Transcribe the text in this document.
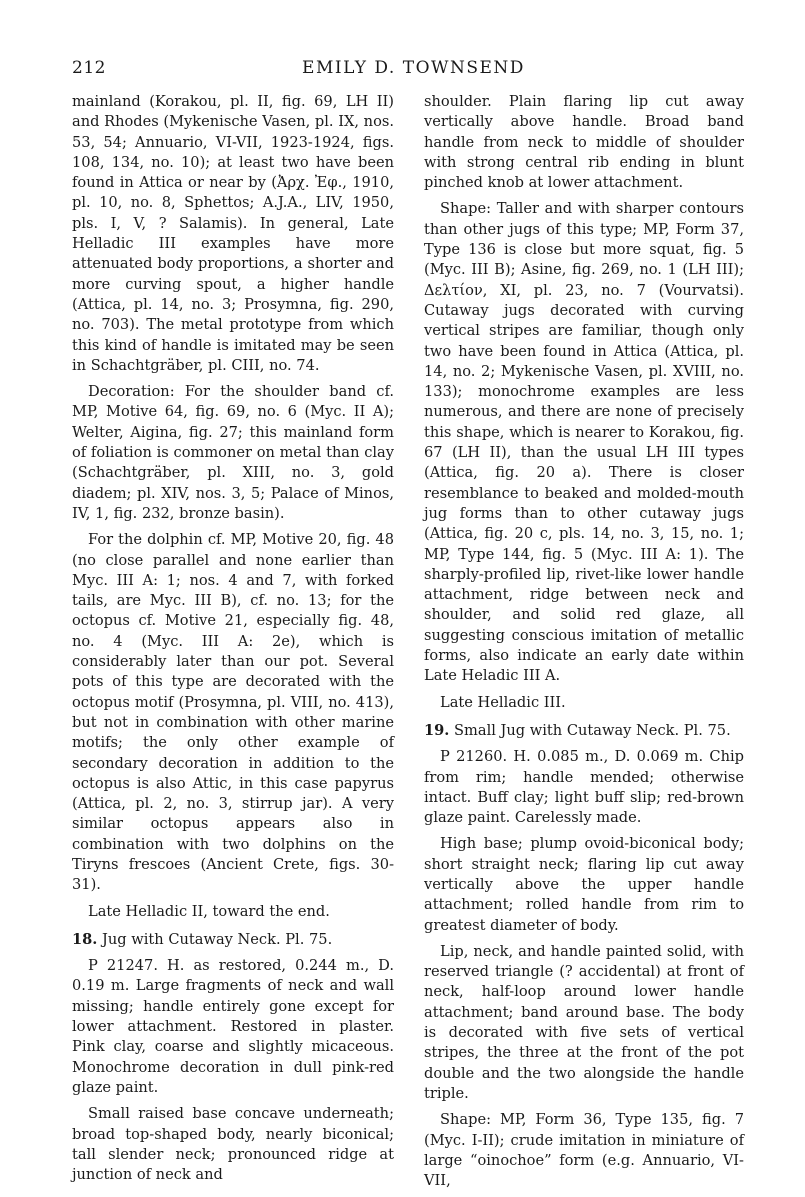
212	EMILY D. TOWNSEND

mainland (Korakou, pl. II, fig. 69, LH II) and Rhodes (Mykenische Vasen, pl. IX, nos. 53, 54; Annuario, VI-VII, 1923-1924, figs. 108, 134, no. 10); at least two have been found in Attica or near by (Ἀρχ. Ἐφ., 1910, pl. 10, no. 8, Sphettos; A.J.A., LIV, 1950, pls. I, V, ? Salamis). In general, Late Helladic III examples have more attenuated body proportions, a shorter and more curving spout, a higher handle (Attica, pl. 14, no. 3; Prosymna, fig. 290, no. 703). The metal prototype from which this kind of handle is imitated may be seen in Schachtgräber, pl. CIII, no. 74.

Decoration: For the shoulder band cf. MP, Motive 64, fig. 69, no. 6 (Myc. II A); Welter, Aigina, fig. 27; this mainland form of foliation is commoner on metal than clay (Schachtgräber, pl. XIII, no. 3, gold diadem; pl. XIV, nos. 3, 5; Palace of Minos, IV, 1, fig. 232, bronze basin).

For the dolphin cf. MP, Motive 20, fig. 48 (no close parallel and none earlier than Myc. III A: 1; nos. 4 and 7, with forked tails, are Myc. III B), cf. no. 13; for the octopus cf. Motive 21, especially fig. 48, no. 4 (Myc. III A: 2e), which is considerably later than our pot. Several pots of this type are decorated with the octopus motif (Prosymna, pl. VIII, no. 413), but not in combination with other marine motifs; the only other example of secondary decoration in addition to the octopus is also Attic, in this case papyrus (Attica, pl. 2, no. 3, stirrup jar). A very similar octopus appears also in combination with two dolphins on the Tiryns frescoes (Ancient Crete, figs. 30-31).

Late Helladic II, toward the end.

18. Jug with Cutaway Neck. Pl. 75.

P 21247. H. as restored, 0.244 m., D. 0.19 m. Large fragments of neck and wall missing; handle entirely gone except for lower attachment. Restored in plaster. Pink clay, coarse and slightly micaceous. Monochrome decoration in dull pink-red glaze paint.

Small raised base concave underneath; broad top-shaped body, nearly biconical; tall slender neck; pronounced ridge at junction of neck and

shoulder. Plain flaring lip cut away vertically above handle. Broad band handle from neck to middle of shoulder with strong central rib ending in blunt pinched knob at lower attachment.

Shape: Taller and with sharper contours than other jugs of this type; MP, Form 37, Type 136 is close but more squat, fig. 5 (Myc. III B); Asine, fig. 269, no. 1 (LH III); Δελτίον, XI, pl. 23, no. 7 (Vourvatsi). Cutaway jugs decorated with curving vertical stripes are familiar, though only two have been found in Attica (Attica, pl. 14, no. 2; Mykenische Vasen, pl. XVIII, no. 133); monochrome examples are less numerous, and there are none of precisely this shape, which is nearer to Korakou, fig. 67 (LH II), than the usual LH III types (Attica, fig. 20 a). There is closer resemblance to beaked and molded-mouth jug forms than to other cutaway jugs (Attica, fig. 20 c, pls. 14, no. 3, 15, no. 1; MP, Type 144, fig. 5 (Myc. III A: 1). The sharply-profiled lip, rivet-like lower handle attachment, ridge between neck and shoulder, and solid red glaze, all suggesting conscious imitation of metallic forms, also indicate an early date within Late Heladic III A.

Late Helladic III.

19. Small Jug with Cutaway Neck. Pl. 75.

P 21260. H. 0.085 m., D. 0.069 m. Chip from rim; handle mended; otherwise intact. Buff clay; light buff slip; red-brown glaze paint. Carelessly made.

High base; plump ovoid-biconical body; short straight neck; flaring lip cut away vertically above the upper handle attachment; rolled handle from rim to greatest diameter of body.

Lip, neck, and handle painted solid, with reserved triangle (? accidental) at front of neck, half-loop around lower handle attachment; band around base. The body is decorated with five sets of vertical stripes, the three at the front of the pot double and the two alongside the handle triple.

Shape: MP, Form 36, Type 135, fig. 7 (Myc. I-II); crude imitation in miniature of large “oinochoe” form (e.g. Annuario, VI-VII,
